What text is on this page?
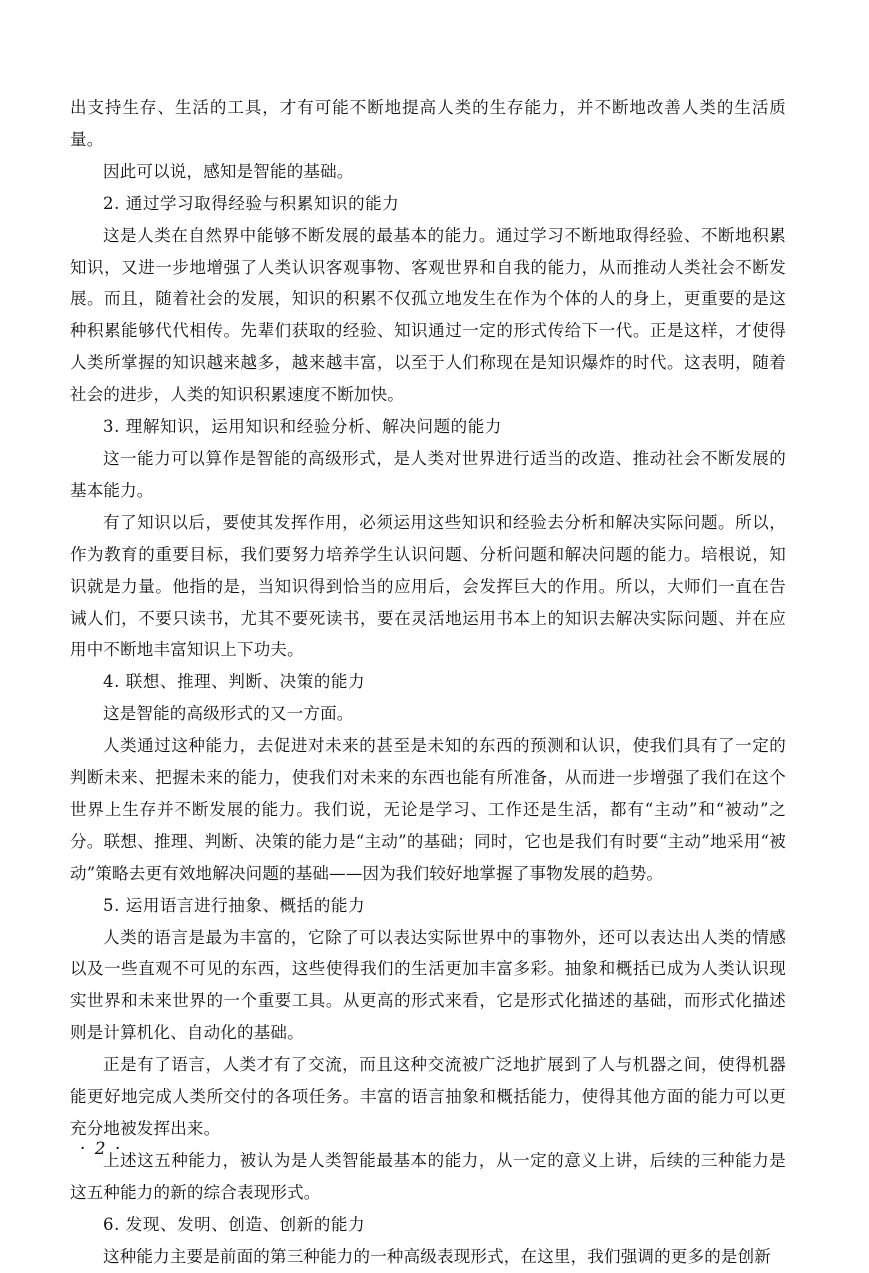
出支持生存、生活的工具，才有可能不断地提高人类的生存能力，并不断地改善人类的生活质量。

因此可以说，感知是智能的基础。

2. 通过学习取得经验与积累知识的能力

这是人类在自然界中能够不断发展的最基本的能力。通过学习不断地取得经验、不断地积累知识，又进一步地增强了人类认识客观事物、客观世界和自我的能力，从而推动人类社会不断发展。而且，随着社会的发展，知识的积累不仅孤立地发生在作为个体的人的身上，更重要的是这种积累能够代代相传。先辈们获取的经验、知识通过一定的形式传给下一代。正是这样，才使得人类所掌握的知识越来越多，越来越丰富，以至于人们称现在是知识爆炸的时代。这表明，随着社会的进步，人类的知识积累速度不断加快。

3. 理解知识，运用知识和经验分析、解决问题的能力

这一能力可以算作是智能的高级形式，是人类对世界进行适当的改造、推动社会不断发展的基本能力。

有了知识以后，要使其发挥作用，必须运用这些知识和经验去分析和解决实际问题。所以，作为教育的重要目标，我们要努力培养学生认识问题、分析问题和解决问题的能力。培根说，知识就是力量。他指的是，当知识得到恰当的应用后，会发挥巨大的作用。所以，大师们一直在告诫人们，不要只读书，尤其不要死读书，要在灵活地运用书本上的知识去解决实际问题、并在应用中不断地丰富知识上下功夫。

4. 联想、推理、判断、决策的能力

这是智能的高级形式的又一方面。

人类通过这种能力，去促进对未来的甚至是未知的东西的预测和认识，使我们具有了一定的判断未来、把握未来的能力，使我们对未来的东西也能有所准备，从而进一步增强了我们在这个世界上生存并不断发展的能力。我们说，无论是学习、工作还是生活，都有“主动”和“被动”之分。联想、推理、判断、决策的能力是“主动”的基础；同时，它也是我们有时要“主动”地采用“被动”策略去更有效地解决问题的基础——因为我们较好地掌握了事物发展的趋势。

5. 运用语言进行抽象、概括的能力

人类的语言是最为丰富的，它除了可以表达实际世界中的事物外，还可以表达出人类的情感以及一些直观不可见的东西，这些使得我们的生活更加丰富多彩。抽象和概括已成为人类认识现实世界和未来世界的一个重要工具。从更高的形式来看，它是形式化描述的基础，而形式化描述则是计算机化、自动化的基础。

正是有了语言，人类才有了交流，而且这种交流被广泛地扩展到了人与机器之间，使得机器能更好地完成人类所交付的各项任务。丰富的语言抽象和概括能力，使得其他方面的能力可以更充分地被发挥出来。

上述这五种能力，被认为是人类智能最基本的能力，从一定的意义上讲，后续的三种能力是这五种能力的新的综合表现形式。

6. 发现、发明、创造、创新的能力

这种能力主要是前面的第三种能力的一种高级表现形式，在这里，我们强调的更多的是创新

· 2 ·
